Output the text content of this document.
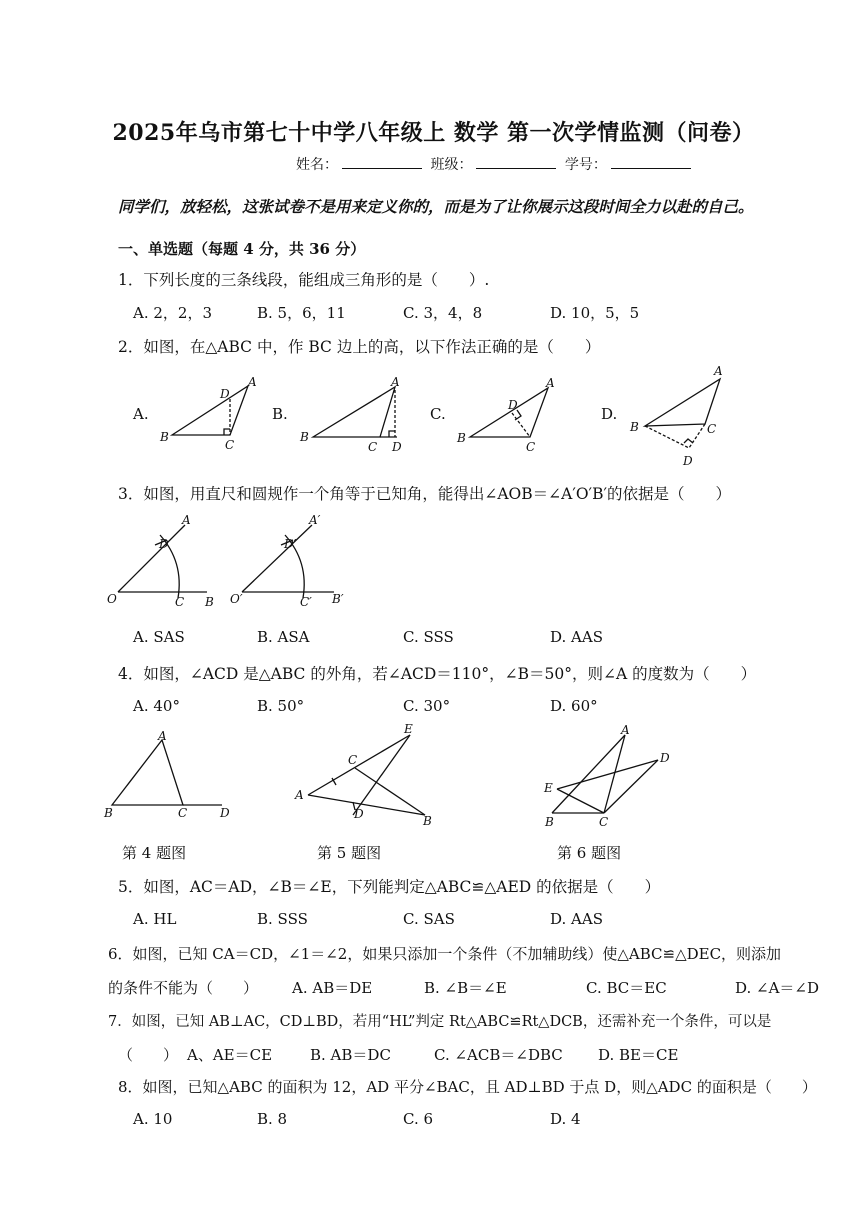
2025年乌市第七十中学八年级上 数学 第一次学情监测（问卷）
姓名：	班级：	学号：
同学们，放轻松，这张试卷不是用来定义你的，而是为了让你展示这段时间全力以赴的自己。
一、单选题（每题 4 分，共 36 分）
1．下列长度的三条线段，能组成三角形的是（　　）.
A. 2，2，3	B. 5，6，11	C. 3，4，8	D. 10，5，5
2．如图，在△ABC 中，作 BC 边上的高，以下作法正确的是（　　）
A.	B.	C.	D.
A
D
B
C
A
B
C D
A
D
B
C
A
B	C
D
A
D
O	C B
A′
D′
O′	C′ B′
A
B	C	D
E
C
A
D	B
A
D
E
B	C
3．如图，用直尺和圆规作一个角等于已知角，能得出∠AOB＝∠A′O′B′的依据是（　　）
A. SAS	B. ASA	C. SSS	D. AAS
4．如图，∠ACD 是△ABC 的外角，若∠ACD＝110°，∠B＝50°，则∠A 的度数为（　　）
A. 40°	B. 50°	C. 30°	D. 60°
第 4 题图	第 5 题图	第 6 题图
5．如图，AC＝AD，∠B＝∠E，下列能判定△ABC≌△AED 的依据是（　　）
A. HL	B. SSS	C. SAS	D. AAS
6．如图，已知 CA＝CD，∠1＝∠2，如果只添加一个条件（不加辅助线）使△ABC≌△DEC，则添加
的条件不能为（　　） A. AB＝DE	B. ∠B＝∠E	C. BC＝EC	D. ∠A＝∠D
7．如图，已知 AB⊥AC，CD⊥BD，若用“HL”判定 Rt△ABC≌Rt△DCB，还需补充一个条件，可以是
（　　） A、AE＝CE	B. AB＝DC	C. ∠ACB＝∠DBC D. BE＝CE
8．如图，已知△ABC 的面积为 12，AD 平分∠BAC，且 AD⊥BD 于点 D，则△ADC 的面积是（　　）
A. 10	B. 8	C. 6	D. 4
